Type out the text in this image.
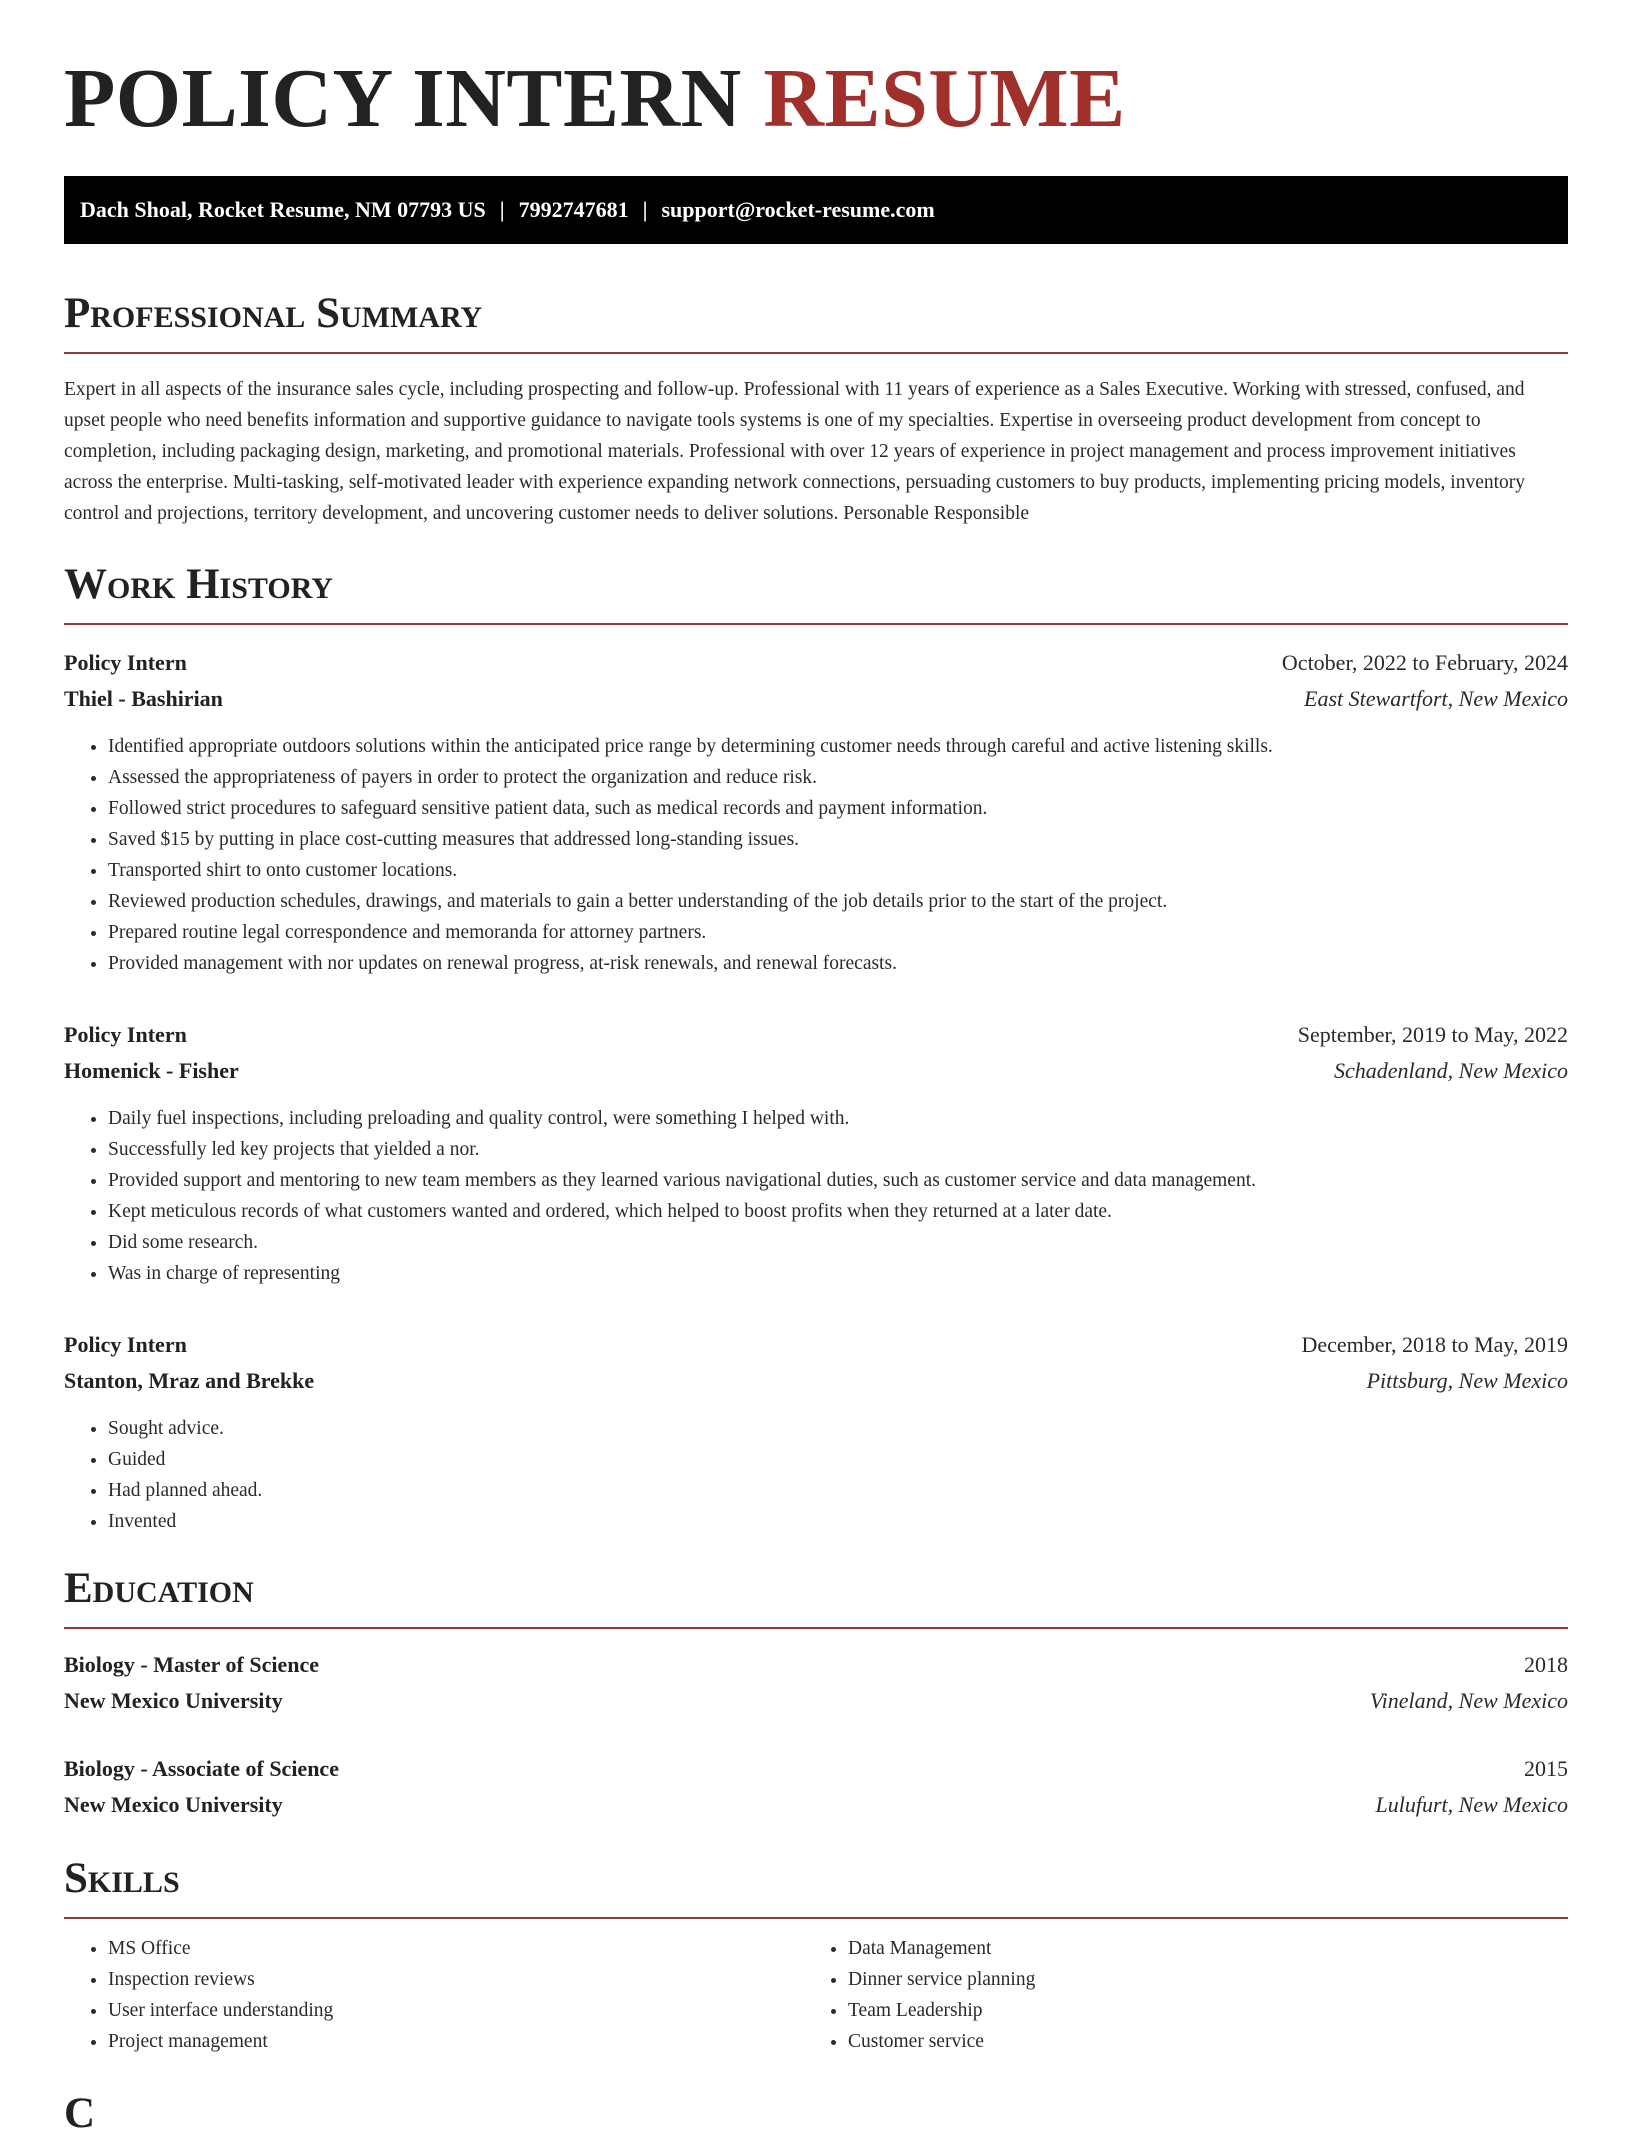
POLICY INTERN RESUME
Dach Shoal, Rocket Resume, NM 07793 US | 7992747681 | support@rocket-resume.com
Professional Summary

Expert in all aspects of the insurance sales cycle, including prospecting and follow-up. Professional with 11 years of experience as a Sales Executive. Working with stressed, confused, and upset people who need benefits information and supportive guidance to navigate tools systems is one of my specialties. Expertise in overseeing product development from concept to completion, including packaging design, marketing, and promotional materials. Professional with over 12 years of experience in project management and process improvement initiatives across the enterprise. Multi-tasking, self-motivated leader with experience expanding network connections, persuading customers to buy products, implementing pricing models, inventory control and projections, territory development, and uncovering customer needs to deliver solutions. Personable Responsible

Work History
Policy Intern	October, 2022 to February, 2024
Thiel - Bashirian	East Stewartfort, New Mexico
• Identified appropriate outdoors solutions within the anticipated price range by determining customer needs through careful and active listening skills.
• Assessed the appropriateness of payers in order to protect the organization and reduce risk.
• Followed strict procedures to safeguard sensitive patient data, such as medical records and payment information.
• Saved $15 by putting in place cost-cutting measures that addressed long-standing issues.
• Transported shirt to onto customer locations.
• Reviewed production schedules, drawings, and materials to gain a better understanding of the job details prior to the start of the project.
• Prepared routine legal correspondence and memoranda for attorney partners.
• Provided management with nor updates on renewal progress, at-risk renewals, and renewal forecasts.
Policy Intern	September, 2019 to May, 2022
Homenick - Fisher	Schadenland, New Mexico
• Daily fuel inspections, including preloading and quality control, were something I helped with.
• Successfully led key projects that yielded a nor.
• Provided support and mentoring to new team members as they learned various navigational duties, such as customer service and data management.
• Kept meticulous records of what customers wanted and ordered, which helped to boost profits when they returned at a later date.
• Did some research.
• Was in charge of representing
Policy Intern	December, 2018 to May, 2019
Stanton, Mraz and Brekke	Pittsburg, New Mexico
• Sought advice.
• Guided
• Had planned ahead.
• Invented
Education
Biology - Master of Science	2018
New Mexico University	Vineland, New Mexico
Biology - Associate of Science	2015
New Mexico University	Lulufurt, New Mexico
Skills
• MS Office
• Inspection reviews
• User interface understanding
• Project management
• Data Management
• Dinner service planning
• Team Leadership
• Customer service
C
